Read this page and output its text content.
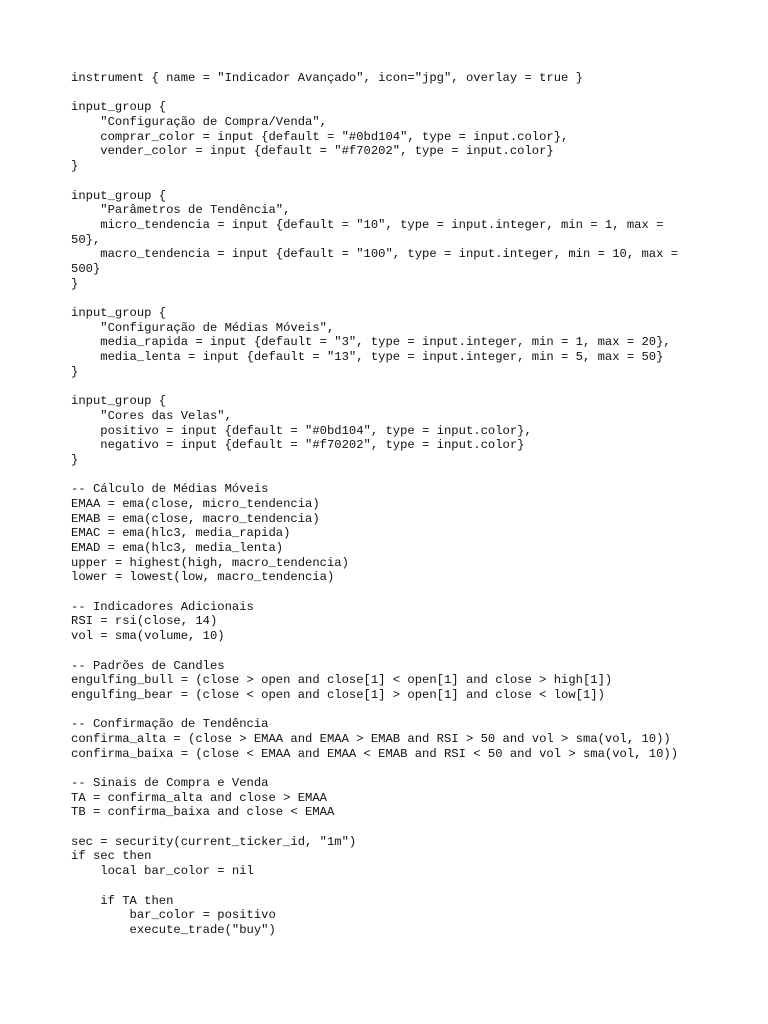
instrument { name = "Indicador Avançado", icon="jpg", overlay = true }
input_group {
"Configuração de Compra/Venda",
comprar_color = input {default = "#0bd104", type = input.color},
vender_color = input {default = "#f70202", type = input.color}
}
input_group {
"Parâmetros de Tendência",
micro_tendencia = input {default = "10", type = input.integer, min = 1, max =
50},
macro_tendencia = input {default = "100", type = input.integer, min = 10, max =
500}
}
input_group {
"Configuração de Médias Móveis",
media_rapida = input {default = "3", type = input.integer, min = 1, max = 20},
media_lenta = input {default = "13", type = input.integer, min = 5, max = 50}
}
input_group {
"Cores das Velas",
positivo = input {default = "#0bd104", type = input.color},
negativo = input {default = "#f70202", type = input.color}
}
-- Cálculo de Médias Móveis
EMAA = ema(close, micro_tendencia)
EMAB = ema(close, macro_tendencia)
EMAC = ema(hlc3, media_rapida)
EMAD = ema(hlc3, media_lenta)
upper = highest(high, macro_tendencia)
lower = lowest(low, macro_tendencia)
-- Indicadores Adicionais
RSI = rsi(close, 14)
vol = sma(volume, 10)
-- Padrões de Candles
engulfing_bull = (close > open and close[1] < open[1] and close > high[1])
engulfing_bear = (close < open and close[1] > open[1] and close < low[1])
-- Confirmação de Tendência
confirma_alta = (close > EMAA and EMAA > EMAB and RSI > 50 and vol > sma(vol, 10))
confirma_baixa = (close < EMAA and EMAA < EMAB and RSI < 50 and vol > sma(vol, 10))
-- Sinais de Compra e Venda
TA = confirma_alta and close > EMAA
TB = confirma_baixa and close < EMAA
sec = security(current_ticker_id, "1m")
if sec then
local bar_color = nil
if TA then
bar_color = positivo
execute_trade("buy")
